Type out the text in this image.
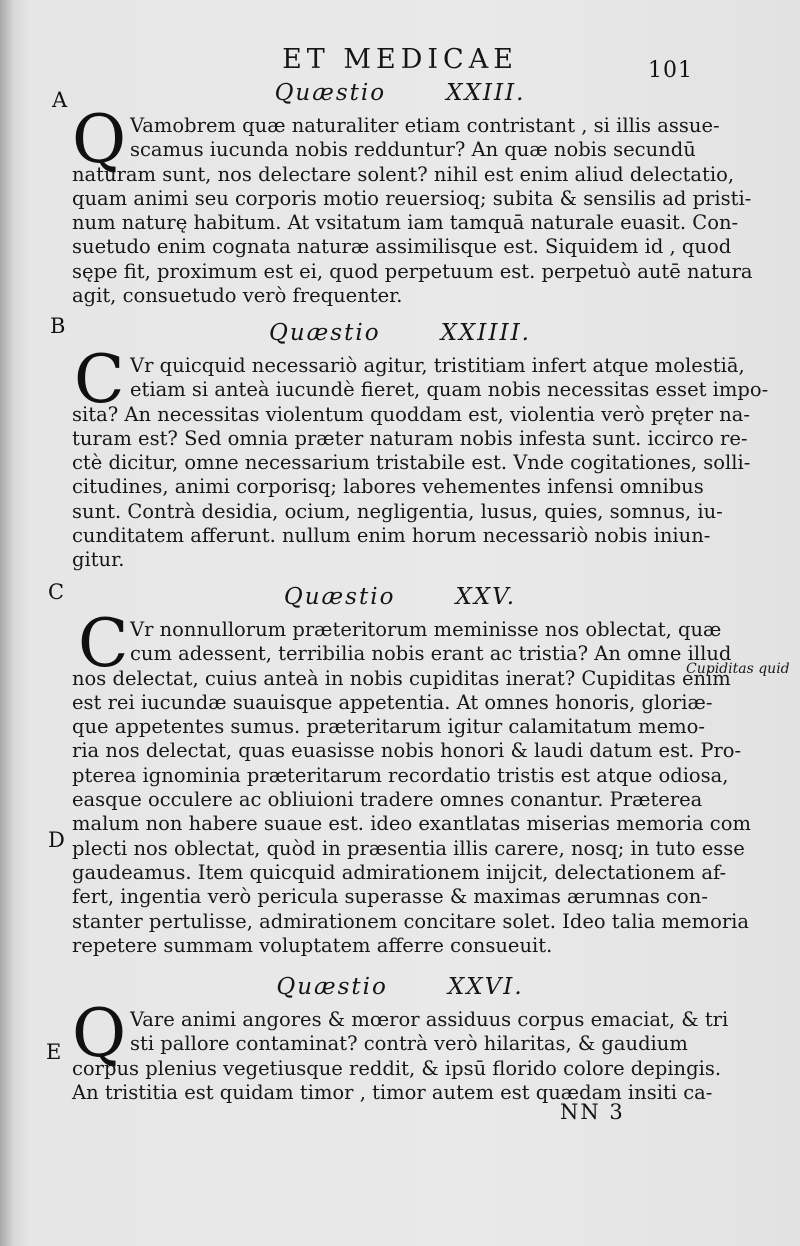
ET MEDICAE	101
A
B
C
D
E
Cupiditas quid
Quæstio	XXIII.
Q Vamobrem quæ naturaliter etiam contristant , si illis assue-
scamus iucunda nobis redduntur? An quæ nobis secundū
naturam sunt, nos delectare solent? nihil est enim aliud delectatio,
quam animi seu corporis motio reuersioq; subita & sensilis ad pristi-
num naturę habitum. At vsitatum iam tamquā naturale euasit. Con-
suetudo enim cognata naturæ assimilisque est. Siquidem id , quod
sępe fit, proximum est ei, quod perpetuum est. perpetuò autē natura
agit, consuetudo verò frequenter.
Quæstio	XXIIII.
C Vr quicquid necessariò agitur, tristitiam infert atque molestiā,
etiam si anteà iucundè fieret, quam nobis necessitas esset impo-
sita? An necessitas violentum quoddam est, violentia verò pręter na-
turam est? Sed omnia præter naturam nobis infesta sunt. iccirco re-
ctè dicitur, omne necessarium tristabile est. Vnde cogitationes, solli-
citudines, animi corporisq; labores vehementes infensi omnibus
sunt. Contrà desidia, ocium, negligentia, lusus, quies, somnus, iu-
cunditatem afferunt. nullum enim horum necessariò nobis iniun-
gitur.
Quæstio	XXV.
C Vr nonnullorum præteritorum meminisse nos oblectat, quæ
cum adessent, terribilia nobis erant ac tristia? An omne illud
nos delectat, cuius anteà in nobis cupiditas inerat? Cupiditas enim
est rei iucundæ suauisque appetentia. At omnes honoris, gloriæ-
que appetentes sumus. præteritarum igitur calamitatum memo-
ria nos delectat, quas euasisse nobis honori & laudi datum est. Pro-
pterea ignominia præteritarum recordatio tristis est atque odiosa,
easque occulere ac obliuioni tradere omnes conantur. Præterea
malum non habere suaue est. ideo exantlatas miserias memoria com
plecti nos oblectat, quòd in præsentia illis carere, nosq; in tuto esse
gaudeamus. Item quicquid admirationem inijcit, delectationem af-
fert, ingentia verò pericula superasse & maximas ærumnas con-
stanter pertulisse, admirationem concitare solet. Ideo talia memoria
repetere summam voluptatem afferre consueuit.
Quæstio	XXVI.
Q Vare animi angores & mœror assiduus corpus emaciat, & tri
sti pallore contaminat? contrà verò hilaritas, & gaudium
corpus plenius vegetiusque reddit, & ipsū florido colore depingis.
An tristitia est quidam timor , timor autem est quædam insiti ca-
NN 3
